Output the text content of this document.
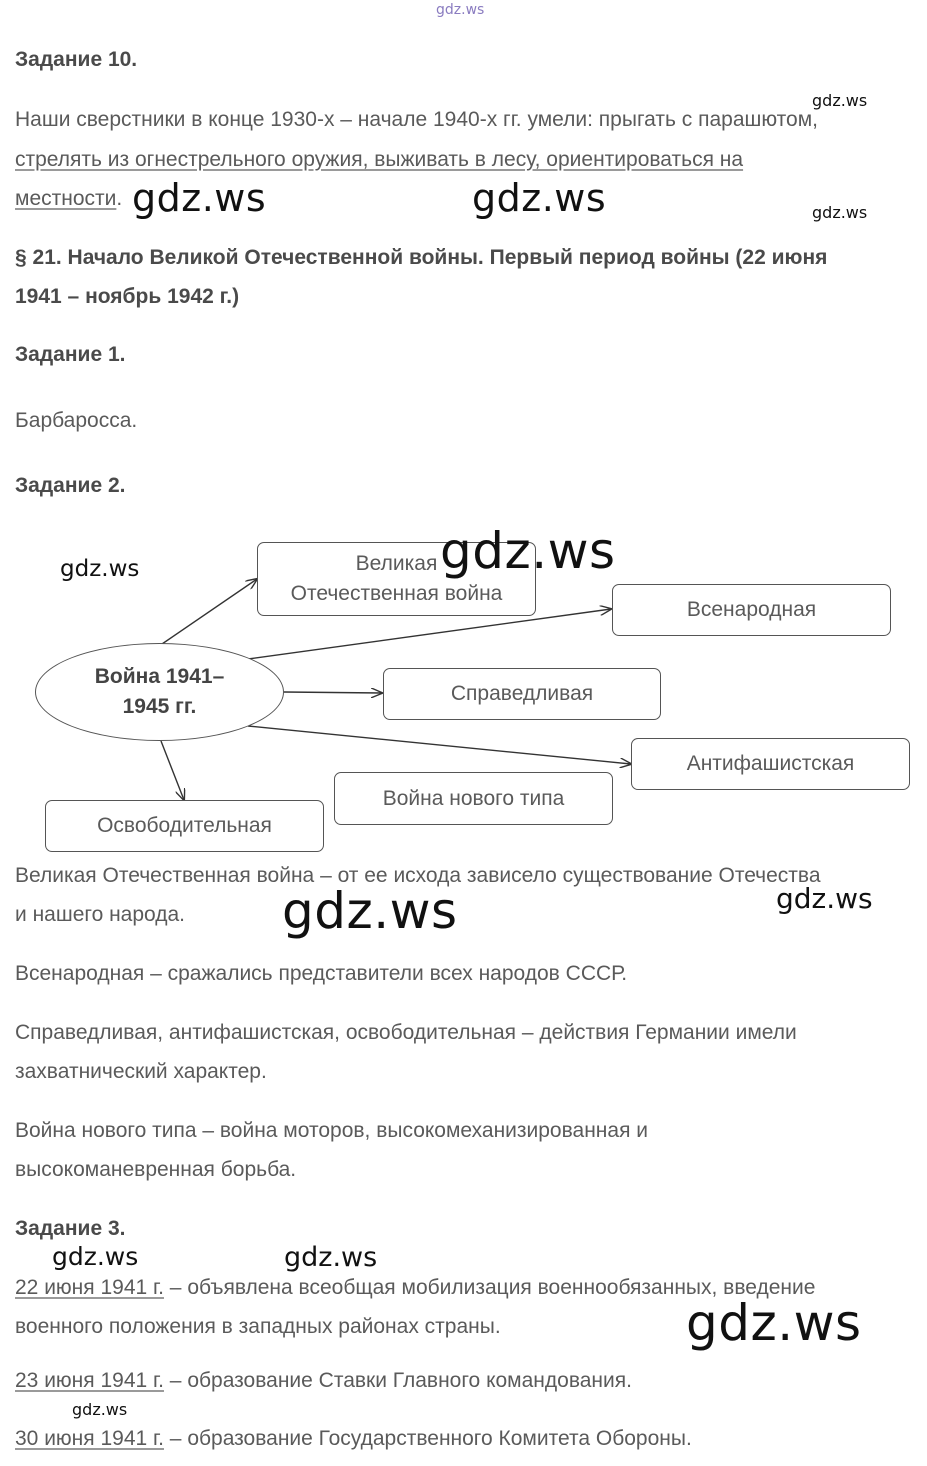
gdz.ws
Задание 10.
gdz.ws
Наши сверстники в конце 1930-х – начале 1940-х гг. умели: прыгать с парашютом,
стрелять из огнестрельного оружия, выживать в лесу, ориентироваться на
местности. gdz.ws	gdz.ws	gdz.ws
§ 21. Начало Великой Отечественной войны. Первый период войны (22 июня
1941 – ноябрь 1942 г.)
Задание 1.
Барбаросса.
Задание 2.
Великая
Отечественная война
Всенародная
Война 1941–
1945 гг.
Справедливая
Антифашистская
Война нового типа
Освободительная
gdz.ws	gdz.ws
Великая Отечественная война – от ее исхода зависело существование Отечества
и нашего народа. gdz.ws	gdz.ws
Всенародная – сражались представители всех народов СССР.
Справедливая, антифашистская, освободительная – действия Германии имели
захватнический характер.
Война нового типа – война моторов, высокомеханизированная и
высокоманевренная борьба.
Задание 3.
gdz.ws	gdz.ws
22 июня 1941 г. – объявлена всеобщая мобилизация военнообязанных, введение
военного положения в западных районах страны.	gdz.ws
23 июня 1941 г. – образование Ставки Главного командования.
gdz.ws
30 июня 1941 г. – образование Государственного Комитета Обороны.
